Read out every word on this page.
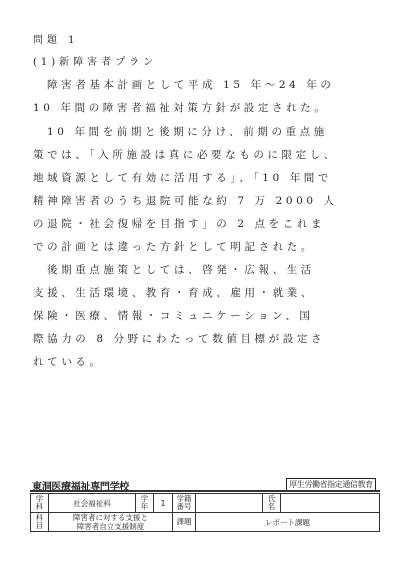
問題 1
(1)新障害者プラン
障害者基本計画として平成 15 年～24 年の
10 年間の障害者福祉対策方針が設定された。
10 年間を前期と後期に分け、前期の重点施
策では、「入所施設は真に必要なものに限定し、
地域資源として有効に活用する」、「10 年間で
精神障害者のうち退院可能な約 7 万 2000 人
の退院・社会復帰を目指す」の 2 点をこれま
での計画とは違った方針として明記された。
後期重点施策としては、啓発・広報、生活
支援、生活環境、教育・育成、雇用・就業、
保険・医療、情報・コミュニケーション、国
際協力の 8 分野にわたって数値目標が設定さ
れている。
東洞医療福祉専門学校	厚生労働省指定通信教育
学科	社会福祉科	学年	1	学籍番号		氏名	
科目	障害者に対する支援と
障害者自立支援制度			課題	レポート課題		
